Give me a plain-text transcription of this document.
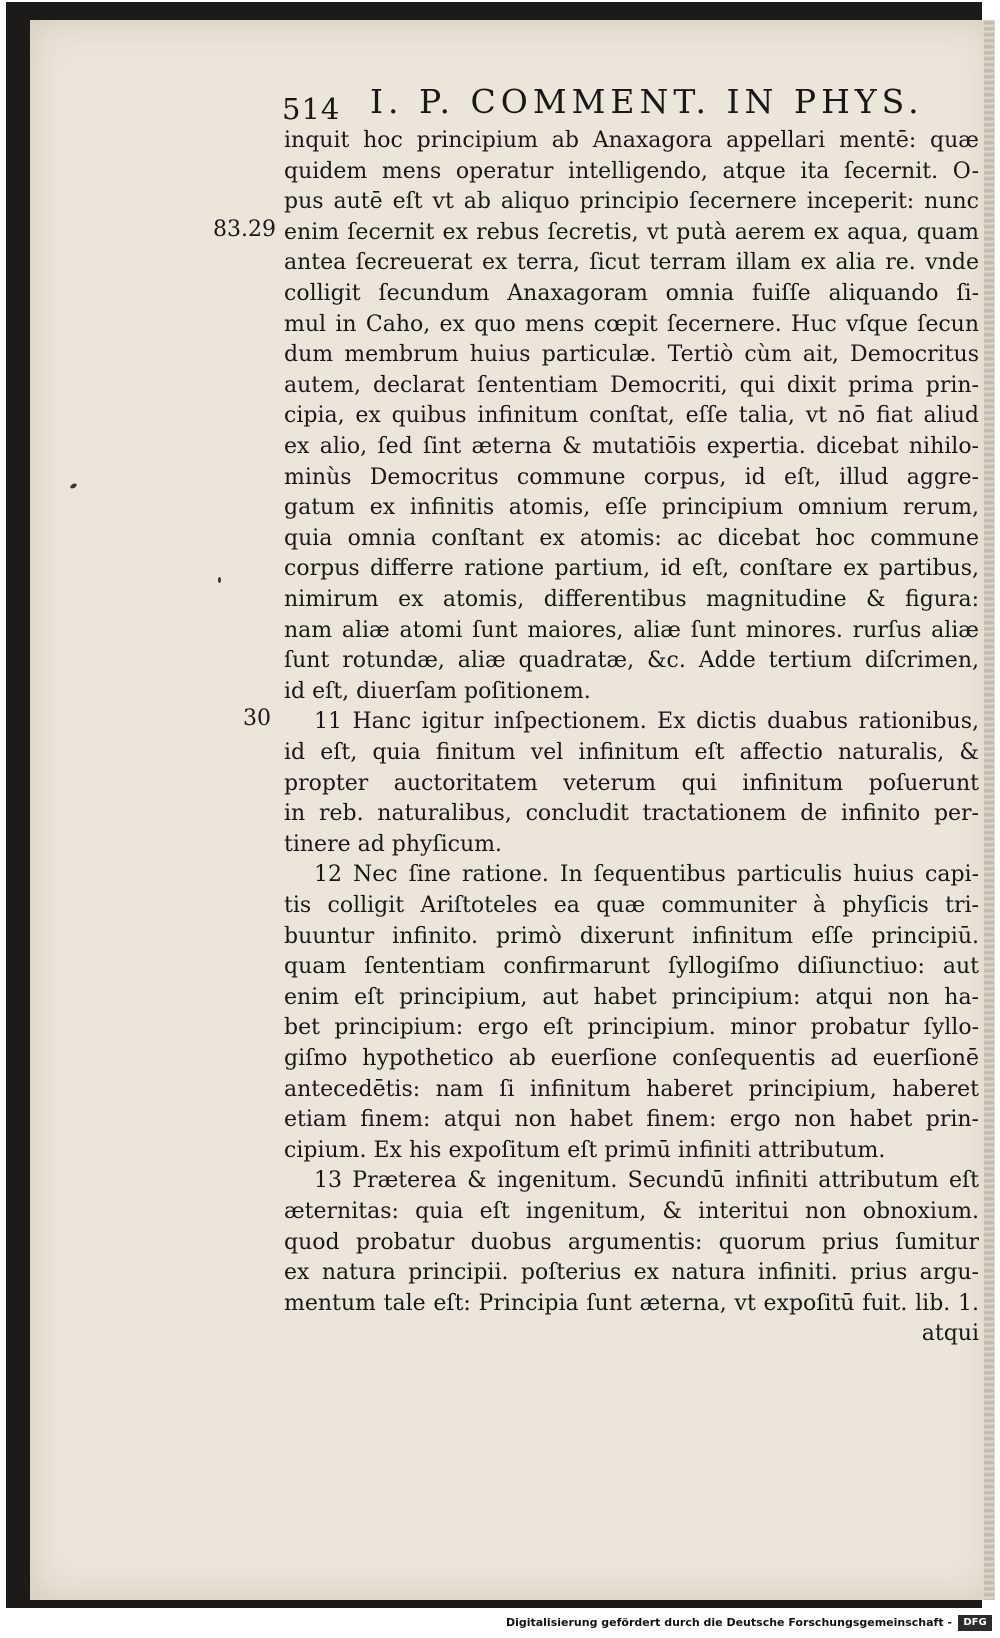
514 I. P. COMMENT. IN PHYS.
83.29
30
inquit hoc principium ab Anaxagora appellari mentē: quæ
quidem mens operatur intelligendo, atque ita ſecernit. O-
pus autē eſt vt ab aliquo principio ſecernere inceperit: nunc
enim ſecernit ex rebus ſecretis, vt putà aerem ex aqua, quam
antea ſecreuerat ex terra, ſicut terram illam ex alia re. vnde
colligit ſecundum Anaxagoram omnia fuiſſe aliquando ſi-
mul in Caho, ex quo mens cœpit ſecernere. Huc vſque ſecun
dum membrum huius particulæ. Tertiò cùm ait, Democritus
autem, declarat ſententiam Democriti, qui dixit prima prin-
cipia, ex quibus infinitum conſtat, eſſe talia, vt nō fiat aliud
ex alio, ſed ſint æterna & mutatiōis expertia. dicebat nihilo-
minùs Democritus commune corpus, id eſt, illud aggre-
gatum ex infinitis atomis, eſſe principium omnium rerum,
quia omnia conſtant ex atomis: ac dicebat hoc commune
corpus differre ratione partium, id eſt, conſtare ex partibus,
nimirum ex atomis, differentibus magnitudine & figura:
nam aliæ atomi ſunt maiores, aliæ ſunt minores. rurſus aliæ
ſunt rotundæ, aliæ quadratæ, &c. Adde tertium diſcrimen,
id eſt, diuerſam poſitionem.
11 Hanc igitur inſpectionem. Ex dictis duabus rationibus,
id eſt, quia finitum vel infinitum eſt affectio naturalis, &
propter auctoritatem veterum qui infinitum poſuerunt
in reb. naturalibus, concludit tractationem de infinito per-
tinere ad phyſicum.
12 Nec ſine ratione. In ſequentibus particulis huius capi-
tis colligit Ariſtoteles ea quæ communiter à phyſicis tri-
buuntur infinito. primò dixerunt infinitum eſſe principiū.
quam ſententiam confirmarunt ſyllogiſmo diſiunctiuo: aut
enim eſt principium, aut habet principium: atqui non ha-
bet principium: ergo eſt principium. minor probatur ſyllo-
giſmo hypothetico ab euerſione conſequentis ad euerſionē
antecedētis: nam ſi infinitum haberet principium, haberet
etiam finem: atqui non habet finem: ergo non habet prin-
cipium. Ex his expoſitum eſt primū infiniti attributum.
13 Præterea & ingenitum. Secundū infiniti attributum eſt
æternitas: quia eſt ingenitum, & interitui non obnoxium.
quod probatur duobus argumentis: quorum prius ſumitur
ex natura principii. poſterius ex natura infiniti. prius argu-
mentum tale eſt: Principia ſunt æterna, vt expoſitū fuit. lib. 1.
atqui
Digitalisierung gefördert durch die Deutsche Forschungsgemeinschaft -	DFG
